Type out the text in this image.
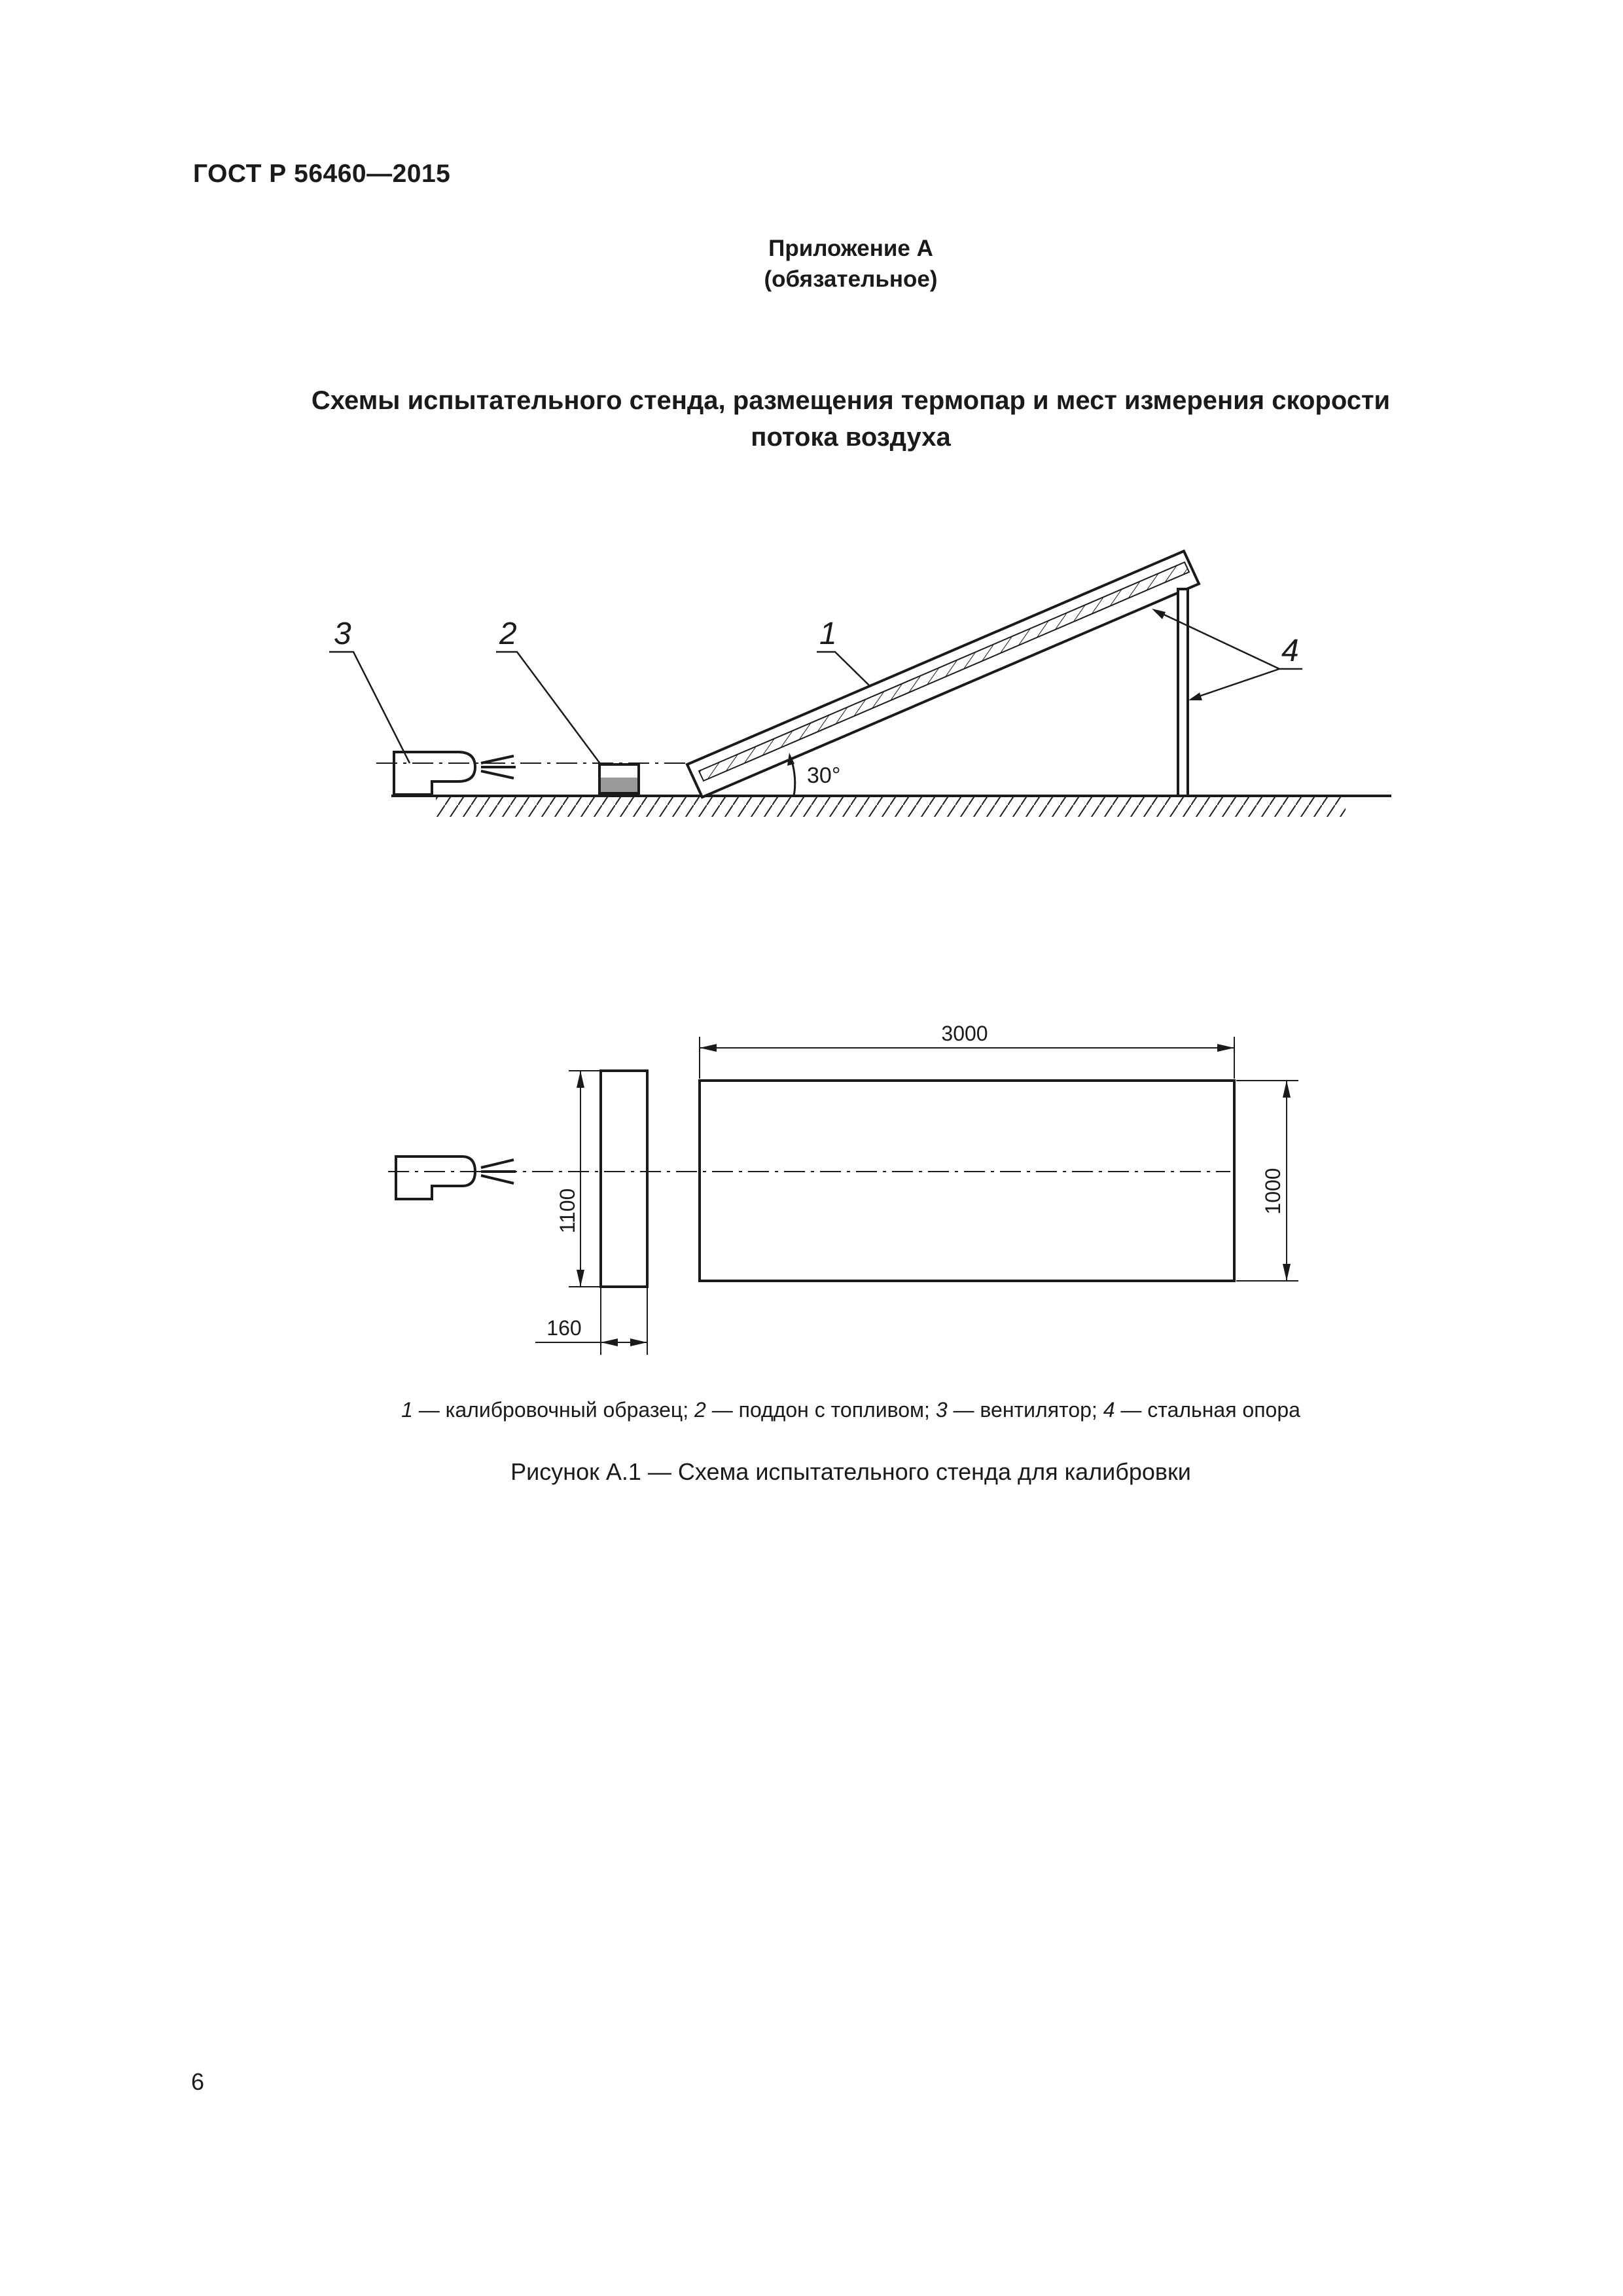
ГОСТ Р 56460—2015
Приложение А
(обязательное)
Схемы испытательного стенда, размещения термопар и мест измерения скорости
потока воздуха
30°
3	2	1	4
3000
1000
1100
160
1 — калибровочный образец; 2 — поддон с топливом; 3 — вентилятор; 4 — стальная опора
Рисунок А.1 — Схема испытательного стенда для калибровки
6
